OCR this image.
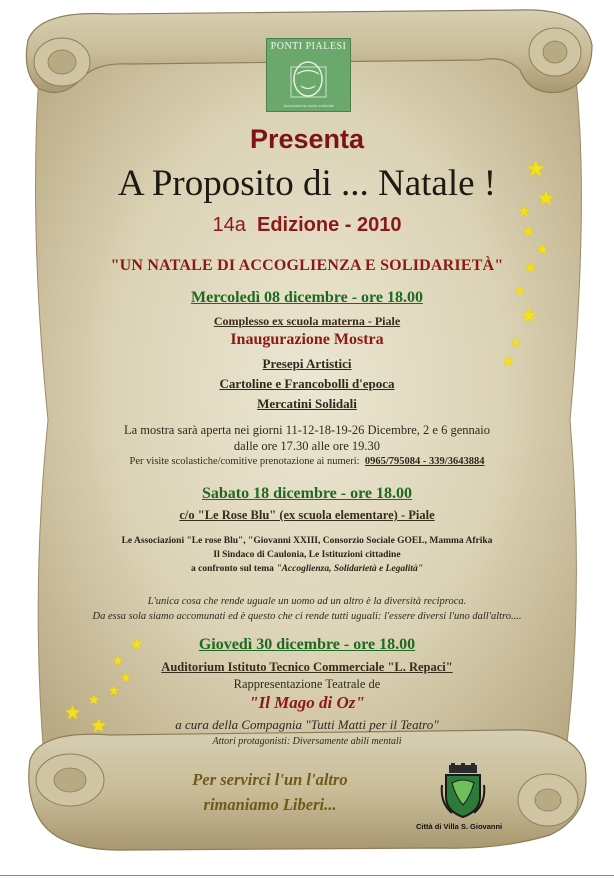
PONTI PIALESI
Associazione socio-culturale
Presenta
A Proposito di ... Natale !
14a Edizione - 2010
"UN NATALE DI ACCOGLIENZA E SOLIDARIETÀ"
Mercoledì 08 dicembre - ore 18.00
Complesso ex scuola materna - Piale
Inaugurazione Mostra
Presepi Artistici
Cartoline e Francobolli d'epoca
Mercatini Solidali
La mostra sarà aperta nei giorni 11-12-18-19-26 Dicembre, 2 e 6 gennaio
dalle ore 17.30 alle ore 19.30
Per visite scolastiche/comitive prenotazione ai numeri: 0965/795084 - 339/3643884
Sabato 18 dicembre - ore 18.00
c/o "Le Rose Blu" (ex scuola elementare) - Piale
Le Associazioni "Le rose Blu", "Giovanni XXIII, Consorzio Sociale GOEL, Mamma Afrika
Il Sindaco di Caulonia, Le Istituzioni cittadine
a confronto sul tema "Accoglienza, Solidarietà e Legalità"
L'unica cosa che rende uguale un uomo ad un altro è la diversità reciproca.
Da essa sola siamo accomunati ed è questo che ci rende tutti uguali: l'essere diversi l'uno dall'altro....
Giovedì 30 dicembre - ore 18.00
Auditorium Istituto Tecnico Commerciale "L. Repaci"
Rappresentazione Teatrale de
"Il Mago di Oz"
a cura della Compagnia "Tutti Matti per il Teatro"
Attori protagonisti: Diversamente abili mentali
Per servirci l'un l'altro
rimaniamo Liberi...
Città di Villa S. Giovanni
★
★
★
★
★
★
★
★
★
★
★
★
★
★
★
★
★
